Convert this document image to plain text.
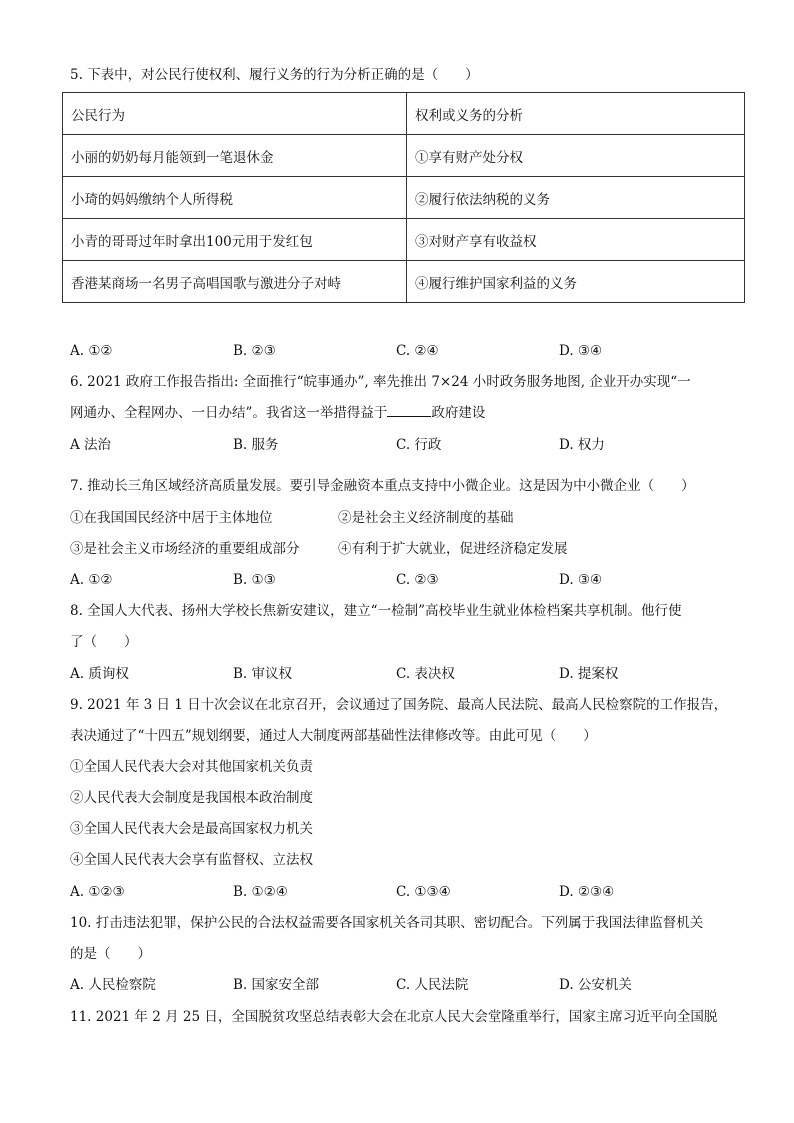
5. 下表中，对公民行使权利、履行义务的行为分析正确的是（　　）
公民行为	权利或义务的分析
小丽的奶奶每月能领到一笔退休金	①享有财产处分权
小琦的妈妈缴纳个人所得税	②履行依法纳税的义务
小青的哥哥过年时拿出100元用于发红包	③对财产享有收益权
香港某商场一名男子高唱国歌与激进分子对峙	④履行维护国家利益的义务
A. ①②	B. ②③	C. ②④	D. ③④
6. 2021 政府工作报告指出: 全面推行“皖事通办”, 率先推出 7×24 小时政务服务地图, 企业开办实现“一
网通办、全程网办、一日办结”。我省这一举措得益于	政府建设
A 法治	B. 服务	C. 行政	D. 权力
7. 推动长三角区域经济高质量发展。要引导金融资本重点支持中小微企业。这是因为中小微企业（　　）
①在我国国民经济中居于主体地位	②是社会主义经济制度的基础
③是社会主义市场经济的重要组成部分	④有利于扩大就业，促进经济稳定发展
A. ①②	B. ①③	C. ②③	D. ③④
8. 全国人大代表、扬州大学校长焦新安建议，建立“一检制”高校毕业生就业体检档案共享机制。他行使
了（　　）
A. 质询权	B. 审议权	C. 表决权	D. 提案权
9. 2021 年 3 日 1 日十次会议在北京召开，会议通过了国务院、最高人民法院、最高人民检察院的工作报告，
表决通过了“十四五”规划纲要，通过人大制度两部基础性法律修改等。由此可见（　　）
①全国人民代表大会对其他国家机关负责
②人民代表大会制度是我国根本政治制度
③全国人民代表大会是最高国家权力机关
④全国人民代表大会享有监督权、立法权
A. ①②③	B. ①②④	C. ①③④	D. ②③④
10. 打击违法犯罪，保护公民的合法权益需要各国家机关各司其职、密切配合。下列属于我国法律监督机关
的是（　　）
A. 人民检察院	B. 国家安全部	C. 人民法院	D. 公安机关
11. 2021 年 2 月 25 日，全国脱贫攻坚总结表彰大会在北京人民大会堂隆重举行，国家主席习近平向全国脱
